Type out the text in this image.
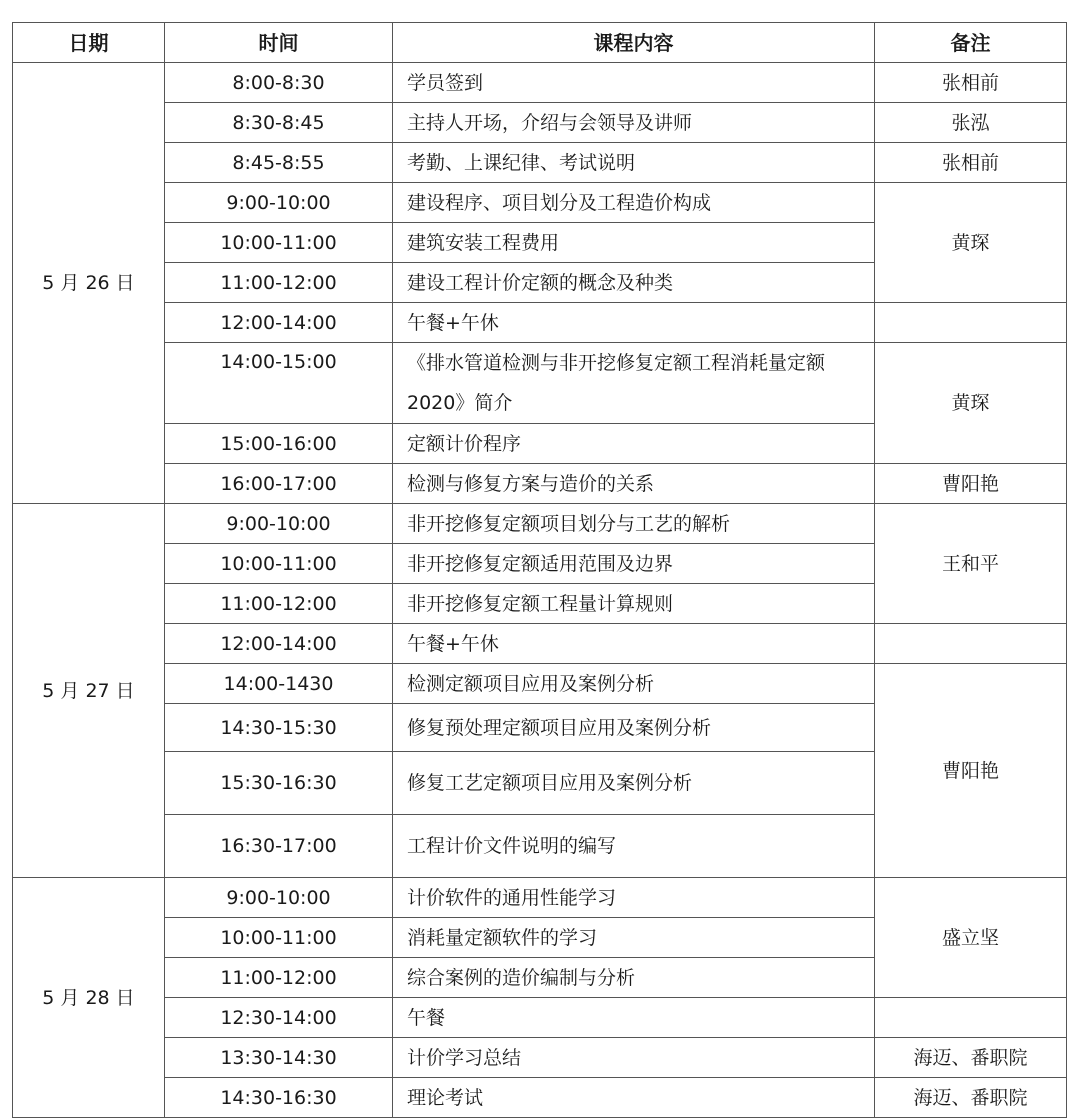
日期	时间	课程内容	备注
5 月 26 日	8:00-8:30	学员签到	张相前
	8:30-8:45	主持人开场，介绍与会领导及讲师	张泓
	8:45-8:55	考勤、上课纪律、考试说明	张相前
	9:00-10:00	建设程序、项目划分及工程造价构成	黄琛
	10:00-11:00	建筑安装工程费用	
	11:00-12:00	建设工程计价定额的概念及种类	
	12:00-14:00	午餐+午休	
	14:00-15:00	《排水管道检测与非开挖修复定额工程消耗量定额 2020》简介	黄琛
	15:00-16:00	定额计价程序	
	16:00-17:00	检测与修复方案与造价的关系	曹阳艳
5 月 27 日	9:00-10:00	非开挖修复定额项目划分与工艺的解析	王和平
	10:00-11:00	非开挖修复定额适用范围及边界	
	11:00-12:00	非开挖修复定额工程量计算规则	
	12:00-14:00	午餐+午休	
	14:00-1430	检测定额项目应用及案例分析	曹阳艳
	14:30-15:30	修复预处理定额项目应用及案例分析	
	15:30-16:30	修复工艺定额项目应用及案例分析	
	16:30-17:00	工程计价文件说明的编写	
5 月 28 日	9:00-10:00	计价软件的通用性能学习	盛立坚
	10:00-11:00	消耗量定额软件的学习	
	11:00-12:00	综合案例的造价编制与分析	
	12:30-14:00	午餐	
	13:30-14:30	计价学习总结	海迈、番职院
	14:30-16:30	理论考试	海迈、番职院
